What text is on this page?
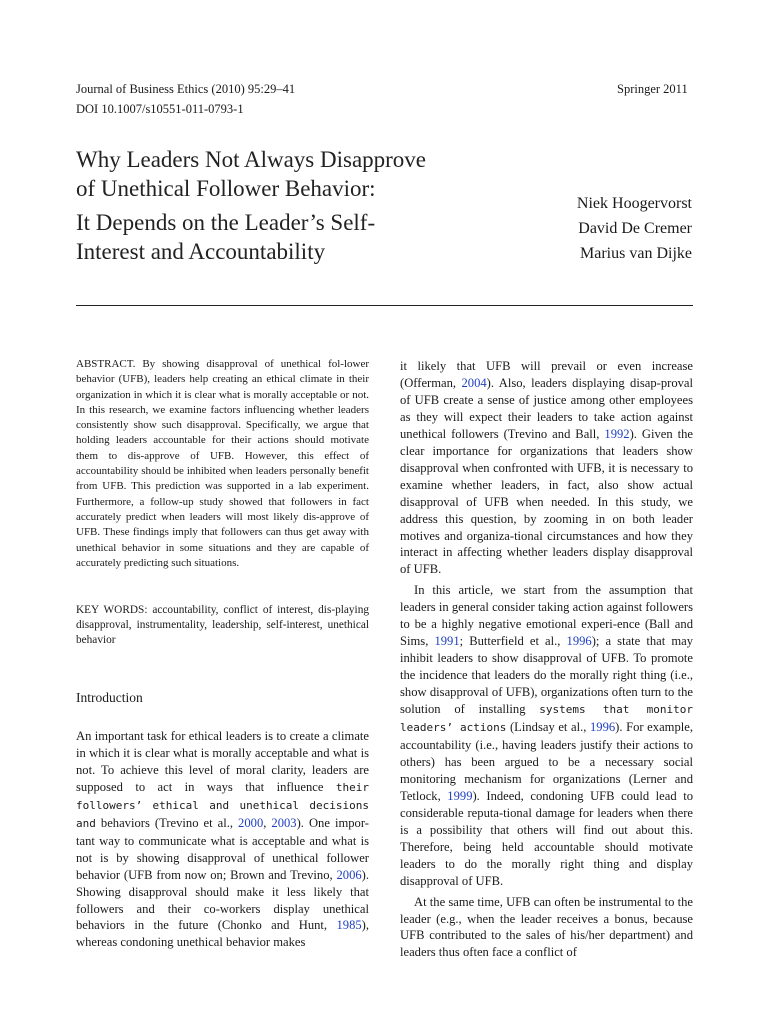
Journal of Business Ethics (2010) 95:29–41
DOI 10.1007/s10551-011-0793-1
Springer 2011
Why Leaders Not Always Disapprove
of Unethical Follower Behavior:
It Depends on the Leader’s Self-
Interest and Accountability
Niek Hoogervorst
David De Cremer
Marius van Dijke
ABSTRACT. By showing disapproval of unethical fol-lower behavior (UFB), leaders help creating an ethical climate in their organization in which it is clear what is morally acceptable or not. In this research, we examine factors influencing whether leaders consistently show such disapproval. Specifically, we argue that holding leaders accountable for their actions should motivate them to dis-approve of UFB. However, this effect of accountability should be inhibited when leaders personally benefit from UFB. This prediction was supported in a lab experiment. Furthermore, a follow-up study showed that followers in fact accurately predict when leaders will most likely dis-approve of UFB. These findings imply that followers can thus get away with unethical behavior in some situations and they are capable of accurately predicting such situations.
KEY WORDS: accountability, conflict of interest, dis-playing disapproval, instrumentality, leadership, self-interest, unethical behavior
Introduction
An important task for ethical leaders is to create a climate in which it is clear what is morally acceptable and what is not. To achieve this level of moral clarity, leaders are supposed to act in ways that influence their followers’ ethical and unethical decisions and behaviors (Trevino et al., 2000, 2003). One impor-tant way to communicate what is acceptable and what is not is by showing disapproval of unethical follower behavior (UFB from now on; Brown and Trevino, 2006). Showing disapproval should make it less likely that followers and their co-workers display unethical behaviors in the future (Chonko and Hunt, 1985), whereas condoning unethical behavior makes

it likely that UFB will prevail or even increase (Offerman, 2004). Also, leaders displaying disap-proval of UFB create a sense of justice among other employees as they will expect their leaders to take action against unethical followers (Trevino and Ball, 1992). Given the clear importance for organizations that leaders show disapproval when confronted with UFB, it is necessary to examine whether leaders, in fact, also show actual disapproval of UFB when needed. In this study, we address this question, by zooming in on both leader motives and organiza-tional circumstances and how they interact in affecting whether leaders display disapproval of UFB.

In this article, we start from the assumption that leaders in general consider taking action against followers to be a highly negative emotional experi-ence (Ball and Sims, 1991; Butterfield et al., 1996); a state that may inhibit leaders to show disapproval of UFB. To promote the incidence that leaders do the morally right thing (i.e., show disapproval of UFB), organizations often turn to the solution of installing systems that monitor leaders’ actions (Lindsay et al., 1996). For example, accountability (i.e., having leaders justify their actions to others) has been argued to be a necessary social monitoring mechanism for organizations (Lerner and Tetlock, 1999). Indeed, condoning UFB could lead to considerable reputa-tional damage for leaders when there is a possibility that others will find out about this. Therefore, being held accountable should motivate leaders to do the morally right thing and display disapproval of UFB.

At the same time, UFB can often be instrumental to the leader (e.g., when the leader receives a bonus, because UFB contributed to the sales of his/her department) and leaders thus often face a conflict of
